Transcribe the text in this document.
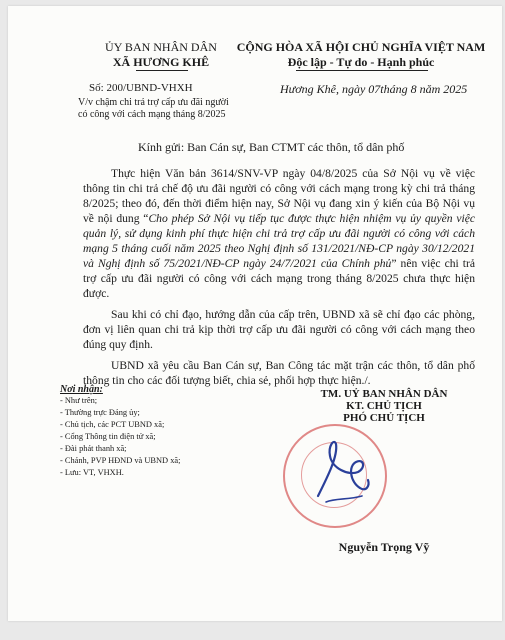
ỦY BAN NHÂN DÂN
XÃ HƯƠNG KHÊ
Số: 200/UBND-VHXH
V/v chậm chi trả trợ cấp ưu đãi người có công với cách mạng tháng 8/2025
CỘNG HÒA XÃ HỘI CHỦ NGHĨA VIỆT NAM
Độc lập - Tự do - Hạnh phúc
Hương Khê, ngày 07tháng 8 năm 2025
Kính gửi: Ban Cán sự, Ban CTMT các thôn, tổ dân phố

Thực hiện Văn bản 3614/SNV-VP ngày 04/8/2025 của Sở Nội vụ về việc thông tin chi trả chế độ ưu đãi người có công với cách mạng trong kỳ chi trả tháng 8/2025; theo đó, đến thời điểm hiện nay, Sở Nội vụ đang xin ý kiến của Bộ Nội vụ về nội dung “Cho phép Sở Nội vụ tiếp tục được thực hiện nhiệm vụ ủy quyền việc quản lý, sử dụng kinh phí thực hiện chi trả trợ cấp ưu đãi người có công với cách mạng 5 tháng cuối năm 2025 theo Nghị định số 131/2021/NĐ-CP ngày 30/12/2021 và Nghị định số 75/2021/NĐ-CP ngày 24/7/2021 của Chính phủ” nên việc chi trả trợ cấp ưu đãi người có công với cách mạng trong tháng 8/2025 chưa thực hiện được.

Sau khi có chỉ đạo, hướng dẫn của cấp trên, UBND xã sẽ chỉ đạo các phòng, đơn vị liên quan chi trả kịp thời trợ cấp ưu đãi người có công với cách mạng theo đúng quy định.

UBND xã yêu cầu Ban Cán sự, Ban Công tác mặt trận các thôn, tổ dân phố thông tin cho các đối tượng biết, chia sẻ, phối hợp thực hiện./.

Nơi nhận:
- Như trên;
- Thường trực Đảng ủy;
- Chủ tịch, các PCT UBND xã;
- Cổng Thông tin điện tử xã;
- Đài phát thanh xã;
- Chánh, PVP HĐND và UBND xã;
- Lưu: VT, VHXH.
TM. UỶ BAN NHÂN DÂN
KT. CHỦ TỊCH
PHÓ CHỦ TỊCH
Nguyễn Trọng Vỹ
